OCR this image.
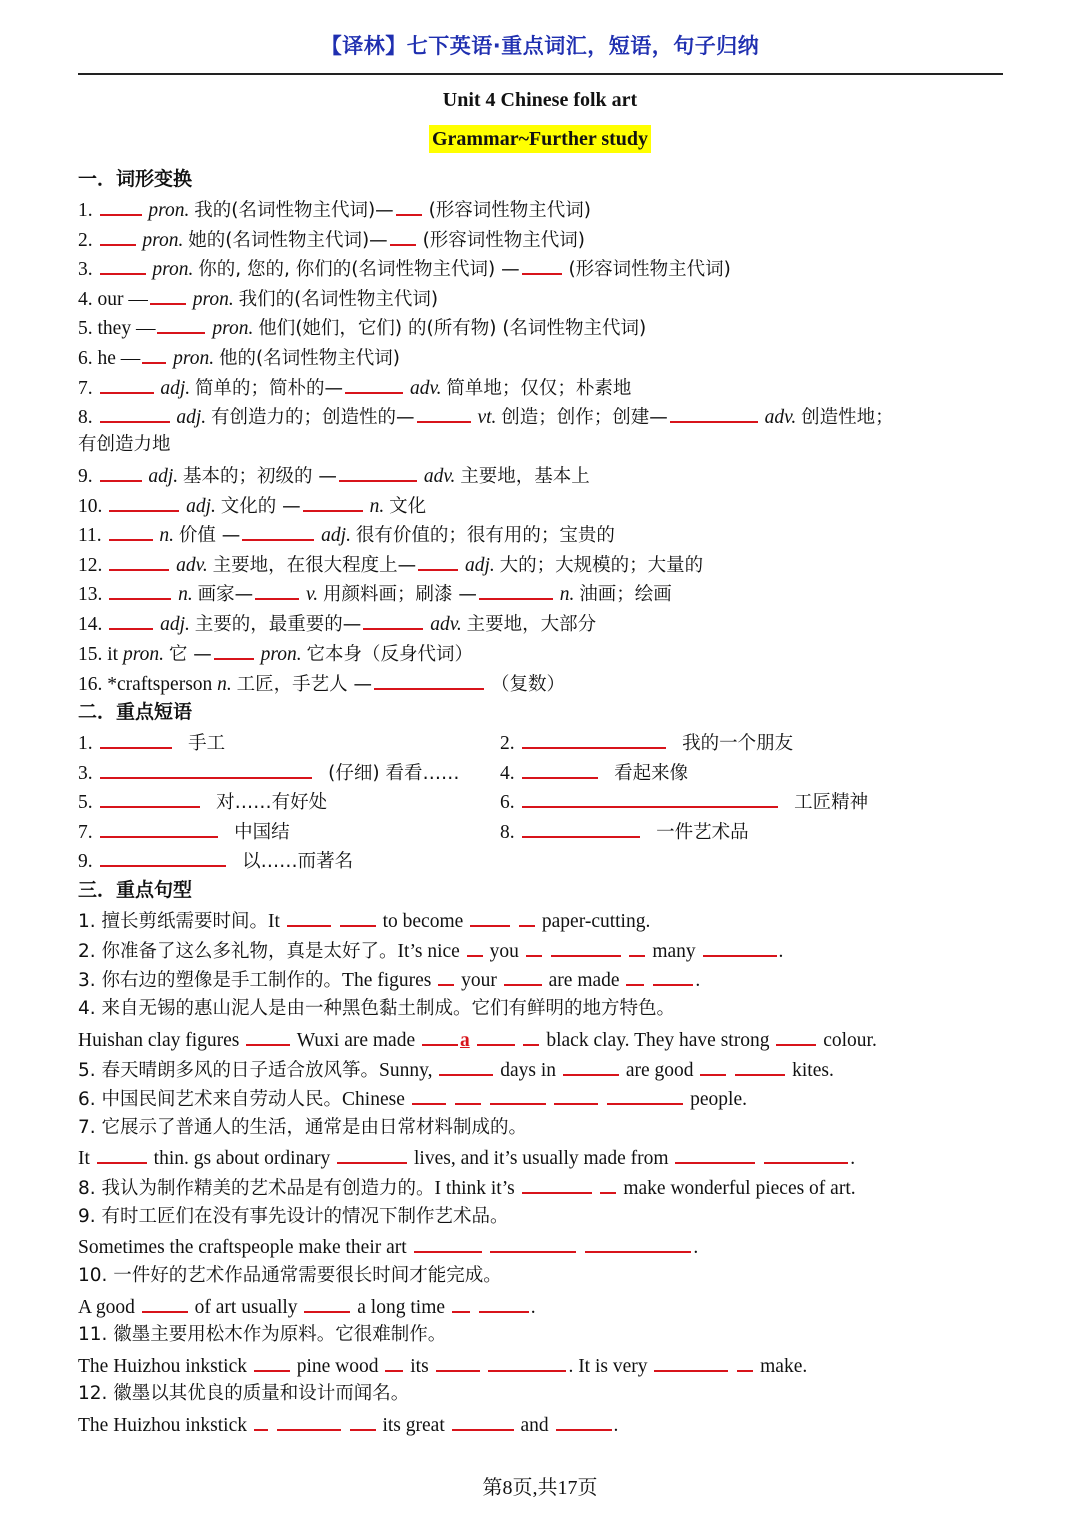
【译林】七下英语·重点词汇，短语，句子归纳
Unit 4 Chinese folk art
Grammar~Further study
一．词形变换
1.	pron. 我的(名词性物主代词)— (形容词性物主代词)
2.	pron. 她的(名词性物主代词)— (形容词性物主代词)
3.	pron. 你的, 您的, 你们的(名词性物主代词) —	(形容词性物主代词)
4. our — pron. 我们的(名词性物主代词)
5. they —	pron. 他们(她们，它们) 的(所有物) (名词性物主代词)
6. he — pron. 他的(名词性物主代词)
7.	adj. 简单的；简朴的—	adv. 简单地；仅仅；朴素地
8.	adj. 有创造力的；创造性的—	vt. 创造；创作；创建—	adv. 创造性地；
有创造力地
9.	adj. 基本的；初级的 —	adv. 主要地，基本上
10.	adj. 文化的 —	n. 文化
11.	n. 价值 —	adj. 很有价值的；很有用的；宝贵的
12.	adv. 主要地，在很大程度上—	adj. 大的；大规模的；大量的
13.	n. 画家—	v. 用颜料画；刷漆 —	n. 油画；绘画
14.	adj. 主要的，最重要的—	adv. 主要地，大部分
15. it pron. 它 —	pron. 它本身（反身代词）
16. *craftsperson n. 工匠，手艺人 —	（复数）
二．重点短语
1.	手工	2.	我的一个朋友
3.	(仔细) 看看…… 4.	看起来像
5.	对……有好处	6.	工匠精神
7.	中国结	8.	一件艺术品
9.	以……而著名
三．重点句型
1. 擅长剪纸需要时间。It	to become	paper-cutting.
2. 你准备了这么多礼物，真是太好了。It’s nice you	many	.
3. 你右边的塑像是手工制作的。The figures your	are made	.
4. 来自无锡的惠山泥人是由一种黑色黏土制成。它们有鲜明的地方特色。
Huishan clay figures	Wuxi are made a	black clay. They have strong	colour.
5. 春天晴朗多风的日子适合放风筝。Sunny,	days in	are good	kites.
6. 中国民间艺术来自劳动人民。Chinese	people.
7. 它展示了普通人的生活，通常是由日常材料制成的。
It	thin. gs about ordinary	lives, and it’s usually made from	.
8. 我认为制作精美的艺术品是有创造力的。I think it’s	make wonderful pieces of art.
9. 有时工匠们在没有事先设计的情况下制作艺术品。
Sometimes the craftspeople make their art	.
10. 一件好的艺术作品通常需要很长时间才能完成。
A good	of art usually	a long time	.
11. 徽墨主要用松木作为原料。它很难制作。
The Huizhou inkstick	pine wood its	. It is very	make.
12. 徽墨以其优良的质量和设计而闻名。
The Huizhou inkstick	its great	and	.
第8页,共17页
